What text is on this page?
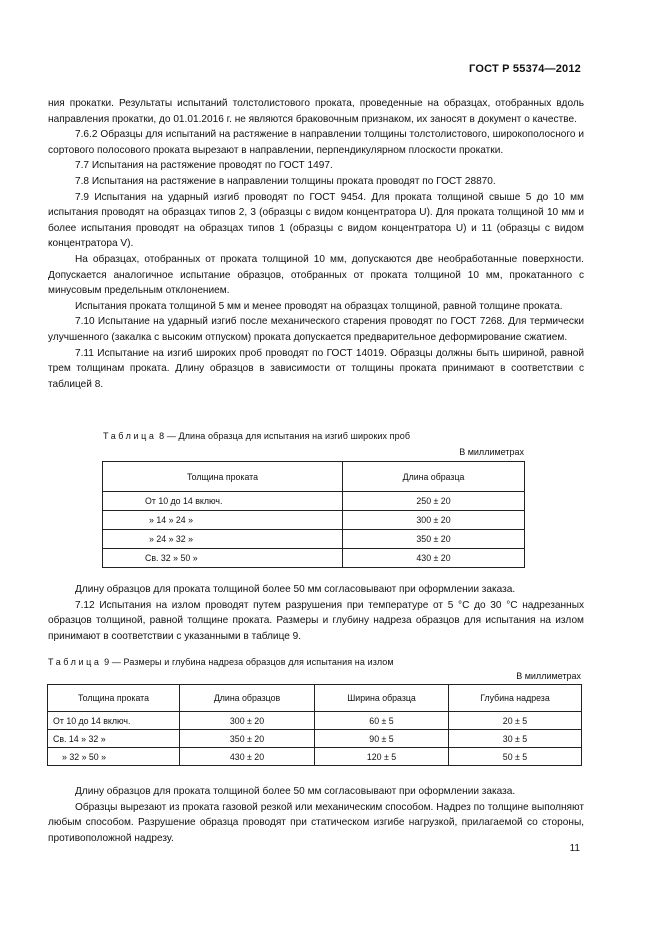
ГОСТ Р 55374—2012

ния прокатки. Результаты испытаний толстолистового проката, проведенные на образцах, отобранных вдоль направления прокатки, до 01.01.2016 г. не являются браковочным признаком, их заносят в документ о качестве.

7.6.2 Образцы для испытаний на растяжение в направлении толщины толстолистового, широкополосного и сортового полосового проката вырезают в направлении, перпендикулярном плоскости прокатки.

7.7 Испытания на растяжение проводят по ГОСТ 1497.

7.8 Испытания на растяжение в направлении толщины проката проводят по ГОСТ 28870.

7.9 Испытания на ударный изгиб проводят по ГОСТ 9454. Для проката толщиной свыше 5 до 10 мм испытания проводят на образцах типов 2, 3 (образцы с видом концентратора U). Для проката толщиной 10 мм и более испытания проводят на образцах типов 1 (образцы с видом концентратора U) и 11 (образцы с видом концентратора V).

На образцах, отобранных от проката толщиной 10 мм, допускаются две необработанные поверхности. Допускается аналогичное испытание образцов, отобранных от проката толщиной 10 мм, прокатанного с минусовым предельным отклонением.

Испытания проката толщиной 5 мм и менее проводят на образцах толщиной, равной толщине проката.

7.10 Испытание на ударный изгиб после механического старения проводят по ГОСТ 7268. Для термически улучшенного (закалка с высоким отпуском) проката допускается предварительное деформирование сжатием.

7.11 Испытание на изгиб широких проб проводят по ГОСТ 14019. Образцы должны быть шириной, равной трем толщинам проката. Длину образцов в зависимости от толщины проката принимают в соответствии с таблицей 8.

Таблица 8 — Длина образца для испытания на изгиб широких проб
В миллиметрах
Толщина проката	Длина образца
От 10 до 14 включ.	250 ± 20
» 14 » 24 »	300 ± 20
» 24 » 32 »	350 ± 20
Св. 32 » 50 »	430 ± 20

Длину образцов для проката толщиной более 50 мм согласовывают при оформлении заказа.

7.12 Испытания на излом проводят путем разрушения при температуре от 5 °С до 30 °С надрезанных образцов толщиной, равной толщине проката. Размеры и глубину надреза образцов для испытания на излом принимают в соответствии с указанными в таблице 9.

Таблица 9 — Размеры и глубина надреза образцов для испытания на излом
В миллиметрах
Толщина проката	Длина образцов	Ширина образца	Глубина надреза
От 10 до 14 включ.	300 ± 20	60 ± 5	20 ± 5
Св. 14 » 32 »	350 ± 20	90 ± 5	30 ± 5
» 32 » 50 »	430 ± 20	120 ± 5	50 ± 5

Длину образцов для проката толщиной более 50 мм согласовывают при оформлении заказа.

Образцы вырезают из проката газовой резкой или механическим способом. Надрез по толщине выполняют любым способом. Разрушение образца проводят при статическом изгибе нагрузкой, прилагаемой со стороны, противоположной надрезу.

11
